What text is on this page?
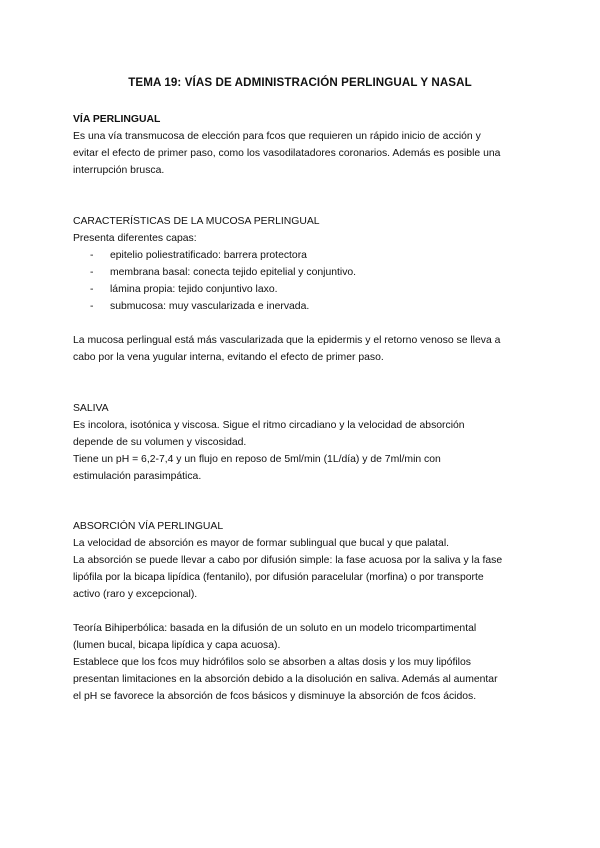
TEMA 19: VÍAS DE ADMINISTRACIÓN PERLINGUAL Y NASAL
VÍA PERLINGUAL

Es una vía transmucosa de elección para fcos que requieren un rápido inicio de acción y

evitar el efecto de primer paso, como los vasodilatadores coronarios. Además es posible una

interrupción brusca.

CARACTERÍSTICAS DE LA MUCOSA PERLINGUAL

Presenta diferentes capas:

- epitelio poliestratificado: barrera protectora
- membrana basal: conecta tejido epitelial y conjuntivo.
- lámina propia: tejido conjuntivo laxo.
- submucosa: muy vascularizada e inervada.

La mucosa perlingual está más vascularizada que la epidermis y el retorno venoso se lleva a

cabo por la vena yugular interna, evitando el efecto de primer paso.

SALIVA

Es incolora, isotónica y viscosa. Sigue el ritmo circadiano y la velocidad de absorción

depende de su volumen y viscosidad.

Tiene un pH = 6,2-7,4 y un flujo en reposo de 5ml/min (1L/día) y de 7ml/min con

estimulación parasimpática.

ABSORCIÓN VÍA PERLINGUAL

La velocidad de absorción es mayor de formar sublingual que bucal y que palatal.

La absorción se puede llevar a cabo por difusión simple: la fase acuosa por la saliva y la fase

lipófila por la bicapa lipídica (fentanilo), por difusión paracelular (morfina) o por transporte

activo (raro y excepcional).

Teoría Bihiperbólica: basada en la difusión de un soluto en un modelo tricompartimental

(lumen bucal, bicapa lipídica y capa acuosa).

Establece que los fcos muy hidrófilos solo se absorben a altas dosis y los muy lipófilos

presentan limitaciones en la absorción debido a la disolución en saliva. Además al aumentar

el pH se favorece la absorción de fcos básicos y disminuye la absorción de fcos ácidos.
